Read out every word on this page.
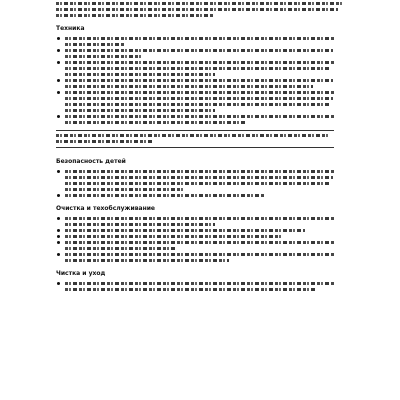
Техника
Безопасность детей
Очистка и техобслуживание
Чистка и уход
